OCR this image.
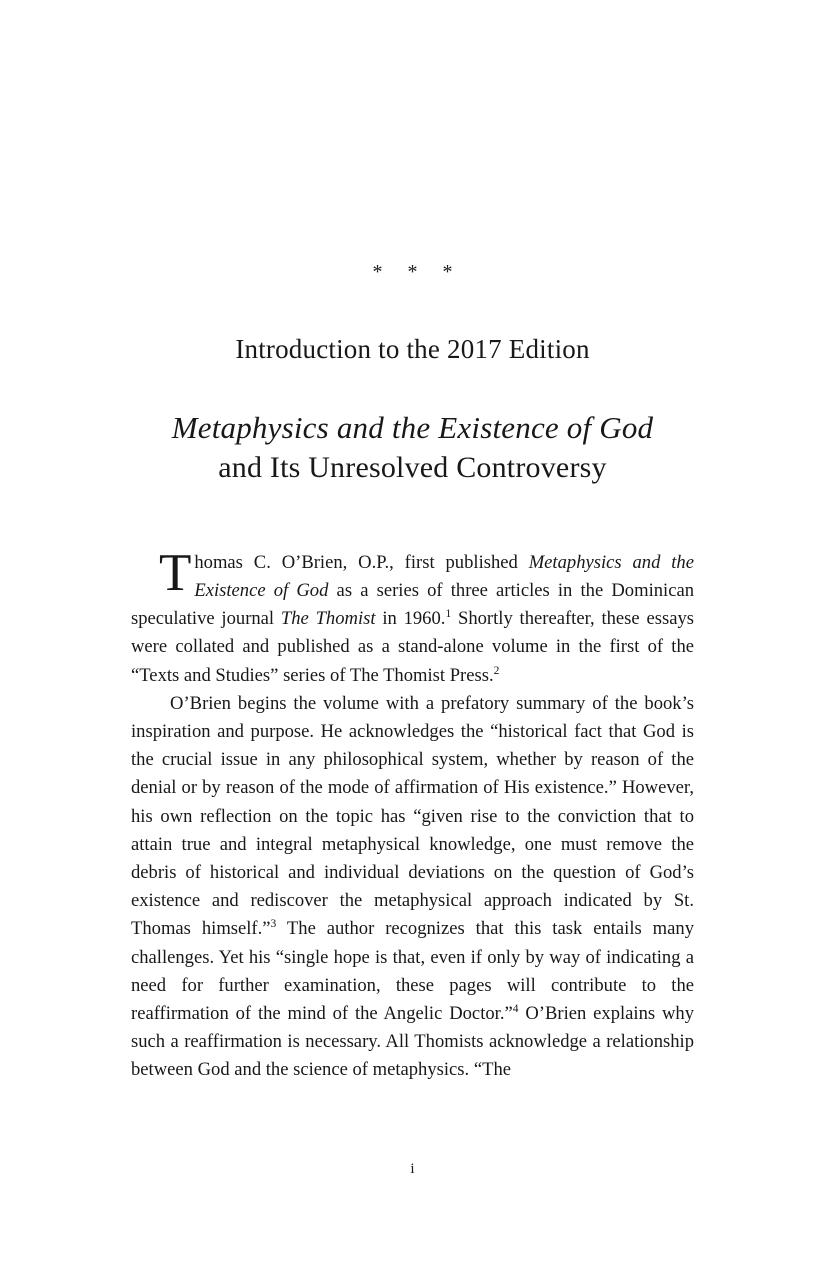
* * *
Introduction to the 2017 Edition
Metaphysics and the Existence of God
and Its Unresolved Controversy

Thomas C. O’Brien, O.P., first published Metaphysics and the Existence of God as a series of three articles in the Dominican speculative journal The Thomist in 1960.$^1$ Shortly thereafter, these essays were collated and published as a stand-alone volume in the first of the “Texts and Studies” series of The Thomist Press.$^2$

O’Brien begins the volume with a prefatory summary of the book’s inspiration and purpose. He acknowledges the “historical fact that God is the crucial issue in any philosophical system, whether by reason of the denial or by reason of the mode of affirmation of His existence.” However, his own reflection on the topic has “given rise to the conviction that to attain true and integral metaphysical knowledge, one must remove the debris of historical and individual deviations on the question of God’s existence and rediscover the metaphysical approach indicated by St. Thomas himself.”$^3$ The author recognizes that this task entails many challenges. Yet his “single hope is that, even if only by way of indicating a need for further examination, these pages will contribute to the reaffirmation of the mind of the Angelic Doctor.”$^4$ O’Brien explains why such a reaffirmation is necessary. All Thomists acknowledge a relationship between God and the science of metaphysics. “The

i
